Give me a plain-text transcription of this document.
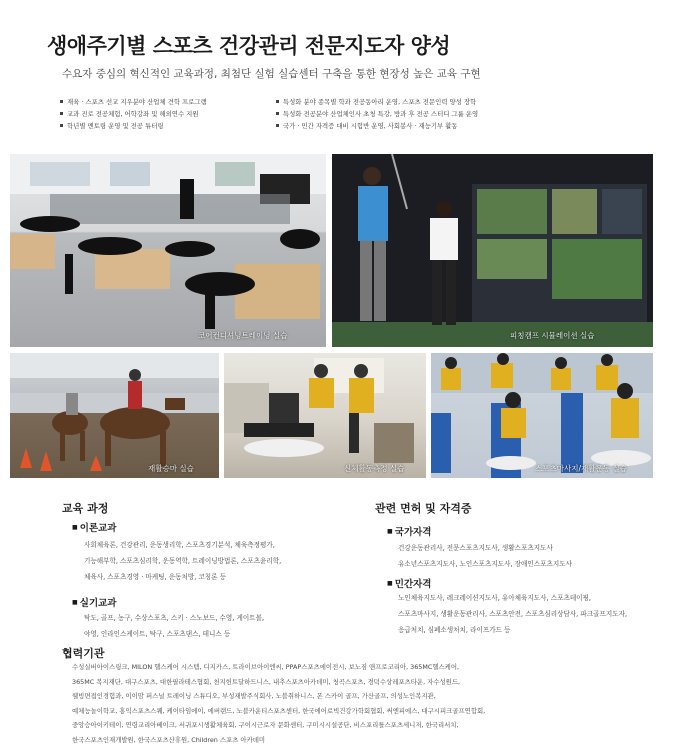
생애주기별 스포츠 건강관리 전문지도자 양성
수요자 중심의 혁신적인 교육과정, 최첨단 실험 실습센터 구축을 통한 현장성 높은 교육 구현
재육 · 스포츠 선교 지우분야 산업체 견학 프로그램
교과 진로 전공체험, 어학강좌 및 해외연수 지원
학년별 멘토링 운영 및 전공 튜터링
특성화 분야 종목별 학과 전공동아리 운영, 스포츠 전문인력 양성 장학
특성화 전공분야 산업체인사 초청 특강, 방과 후 전공 스터디 그룹 운영
국가 · 민간 자격증 대비 시험반 운영, 사회봉사 · 재능기부 활동
코어컨디셔닝트레이닝 실습	피칭캠프 시뮬레이션 실습
재활승마 실습	신체활동측정 실습	스포츠마사지/재활운동 실습
교육 과정
■ 이론교과
사회체육론, 건강관리, 운동생리학, 스포츠경기분석, 체육측정평가,
기능해부학, 스포츠심리학, 운동역학, 트레이닝방법론, 스포츠윤리학,
체육사, 스포츠경영 · 마케팅, 운동처방, 코칭론 등
■ 실기교과
탁도, 골프, 농구, 수상스포츠, 스키 · 스노보드, 수영, 게이트볼,
야영, 인라인스케이트, 탁구, 스포츠댄스, 테니스 등
관련 면허 및 자격증
■ 국가자격
건강운동관리사, 전문스포츠지도사, 생활스포츠지도사
유소년스포츠지도사, 노인스포츠지도사, 장애인스포츠지도사
■ 민간자격
노인체육지도사, 레크레이션지도사, 유아체육지도사, 스포츠테이핑,
스포츠마사지, 생활운동관리사, 스포츠안전, 스포츠심리상담사, 파크골프지도자,
응급처치, 심폐소생처치, 라이프가드 등
협력기관
수성실버아이스링크, MILON 헬스케어 시스템, 디지카스, 트라이브아이엔씨, PPAP스포츠에이전시, 보노짐 앤프로코리아, 365MC헬스케어,
365MC 복지재단, 대구스포츠, 대한필라테스협회, 천지헌트달하드니스, 내추스포츠아카데미, 청곡스포츠, 경덕수상레포츠타운, 자수성원드,
웰빙면접인경험과, 이이맘 퍼스널 트레이닝 스튜디오, 부성재발주식회사, 노블취하니스, 폰 스카이 골프, 가산골프, 의성노인복지관,
예체능놀이학교, 홍익스포츠스퀘, 케이타임에이, 에버랜드, 노블카운티스포츠센터, 한국에어로빅건강가학회협회, 써엔피에스, 대구시피크골프연합회,
중앙승아이키테이, 연령교리아베이크, 서귀포시생활체육회, 구이시근로자 문화센터, 구미시시설공단, 비스포리틀스포츠세니저, 한국리서치,
한국스포츠인재개발원, 한국스포츠산휴원, Children 스포츠 아카데미
